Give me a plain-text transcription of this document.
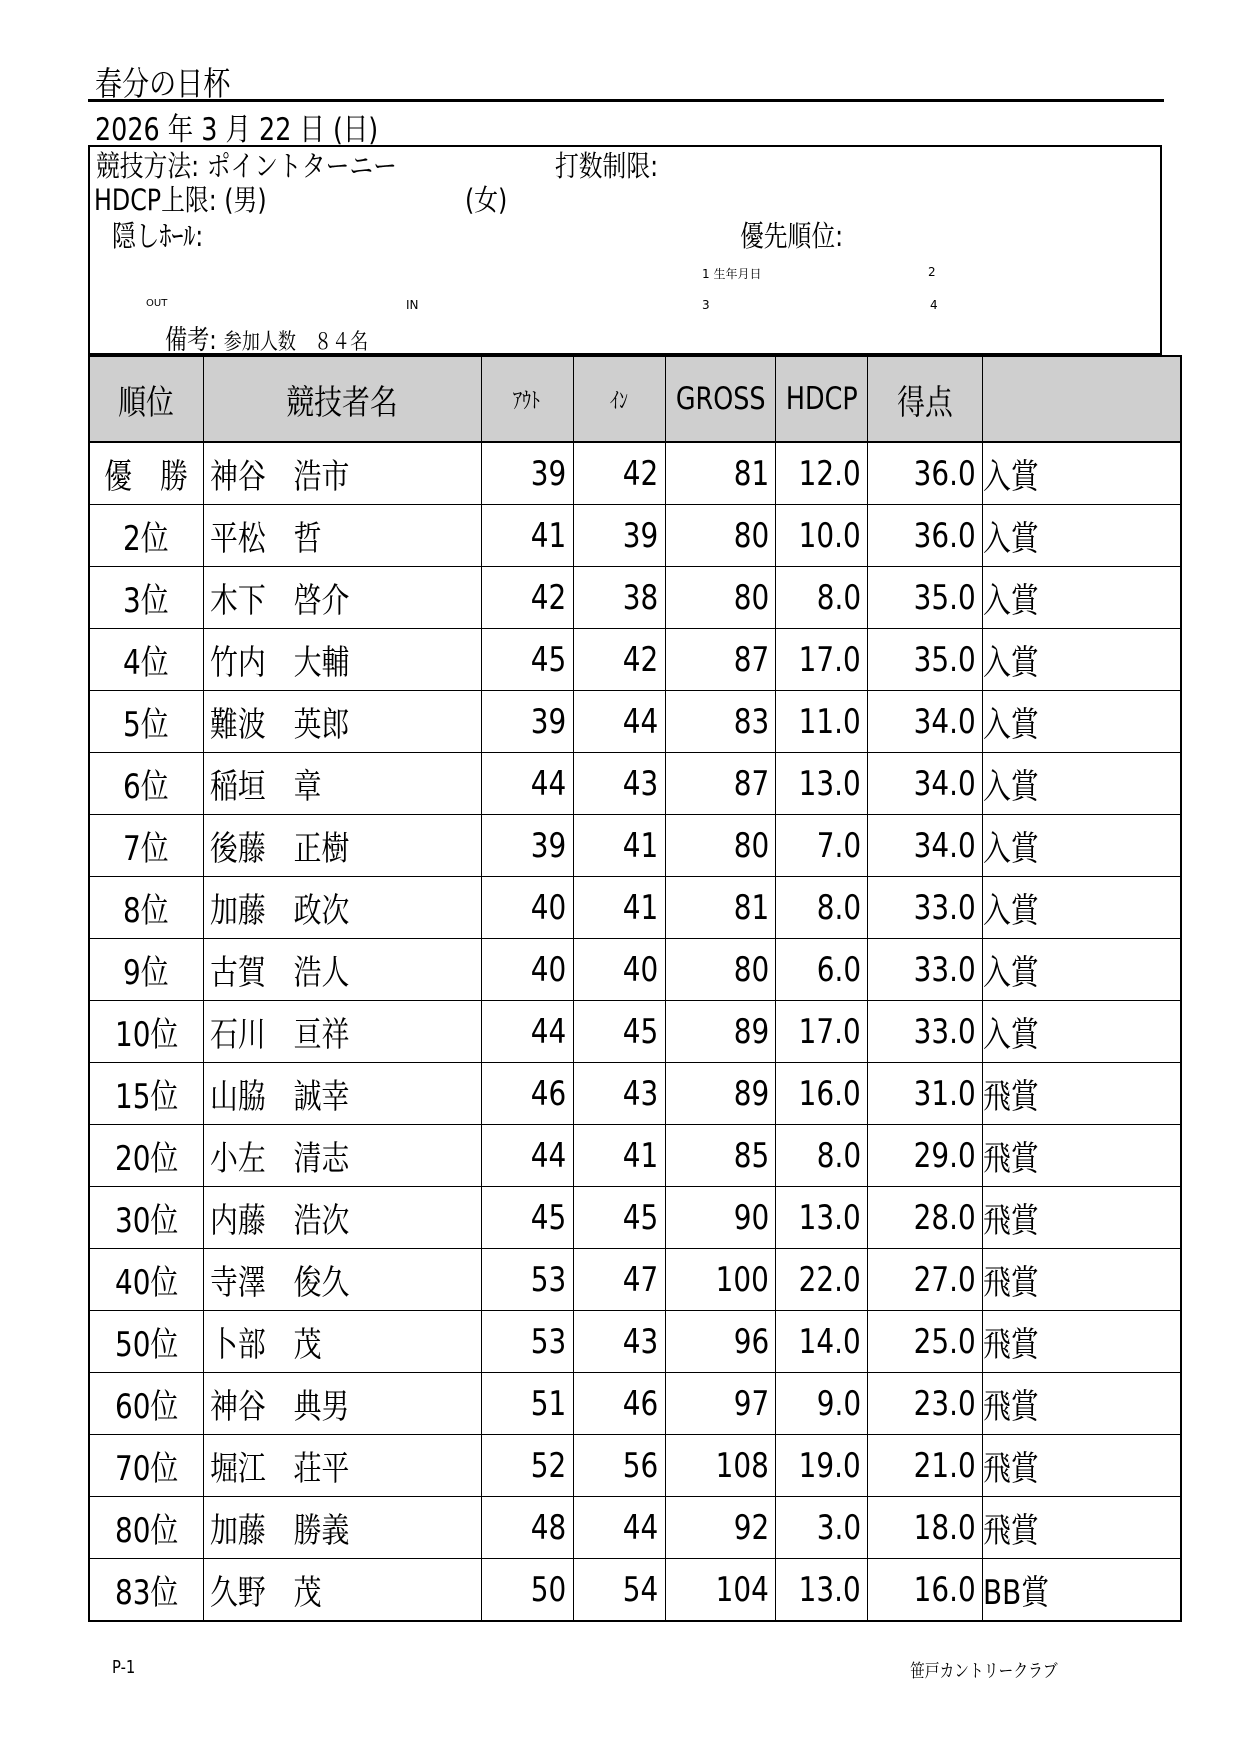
春分の日杯
2026 年 3 月 22 日 (日)
競技方法: ポイントターニー	打数制限:
HDCP上限: (男)	(女)
隠しﾎｰﾙ:	優先順位:
1 生年月日	2
OUT	IN	3	4
備考: 参加人数　８４名
順位	競技者名	ｱｳﾄ	ｲﾝ	GROSS	HDCP	得点	
優　勝	神谷　浩市	39	42	81	12.0	36.0	入賞
2位	平松　哲	41	39	80	10.0	36.0	入賞
3位	木下　啓介	42	38	80	8.0	35.0	入賞
4位	竹内　大輔	45	42	87	17.0	35.0	入賞
5位	難波　英郎	39	44	83	11.0	34.0	入賞
6位	稲垣　章	44	43	87	13.0	34.0	入賞
7位	後藤　正樹	39	41	80	7.0	34.0	入賞
8位	加藤　政次	40	41	81	8.0	33.0	入賞
9位	古賀　浩人	40	40	80	6.0	33.0	入賞
10位	石川　亘祥	44	45	89	17.0	33.0	入賞
15位	山脇　誠幸	46	43	89	16.0	31.0	飛賞
20位	小左　清志	44	41	85	8.0	29.0	飛賞
30位	内藤　浩次	45	45	90	13.0	28.0	飛賞
40位	寺澤　俊久	53	47	100	22.0	27.0	飛賞
50位	卜部　茂	53	43	96	14.0	25.0	飛賞
60位	神谷　典男	51	46	97	9.0	23.0	飛賞
70位	堀江　荘平	52	56	108	19.0	21.0	飛賞
80位	加藤　勝義	48	44	92	3.0	18.0	飛賞
83位	久野　茂	50	54	104	13.0	16.0	BB賞
P-1	笹戸カントリークラブ
